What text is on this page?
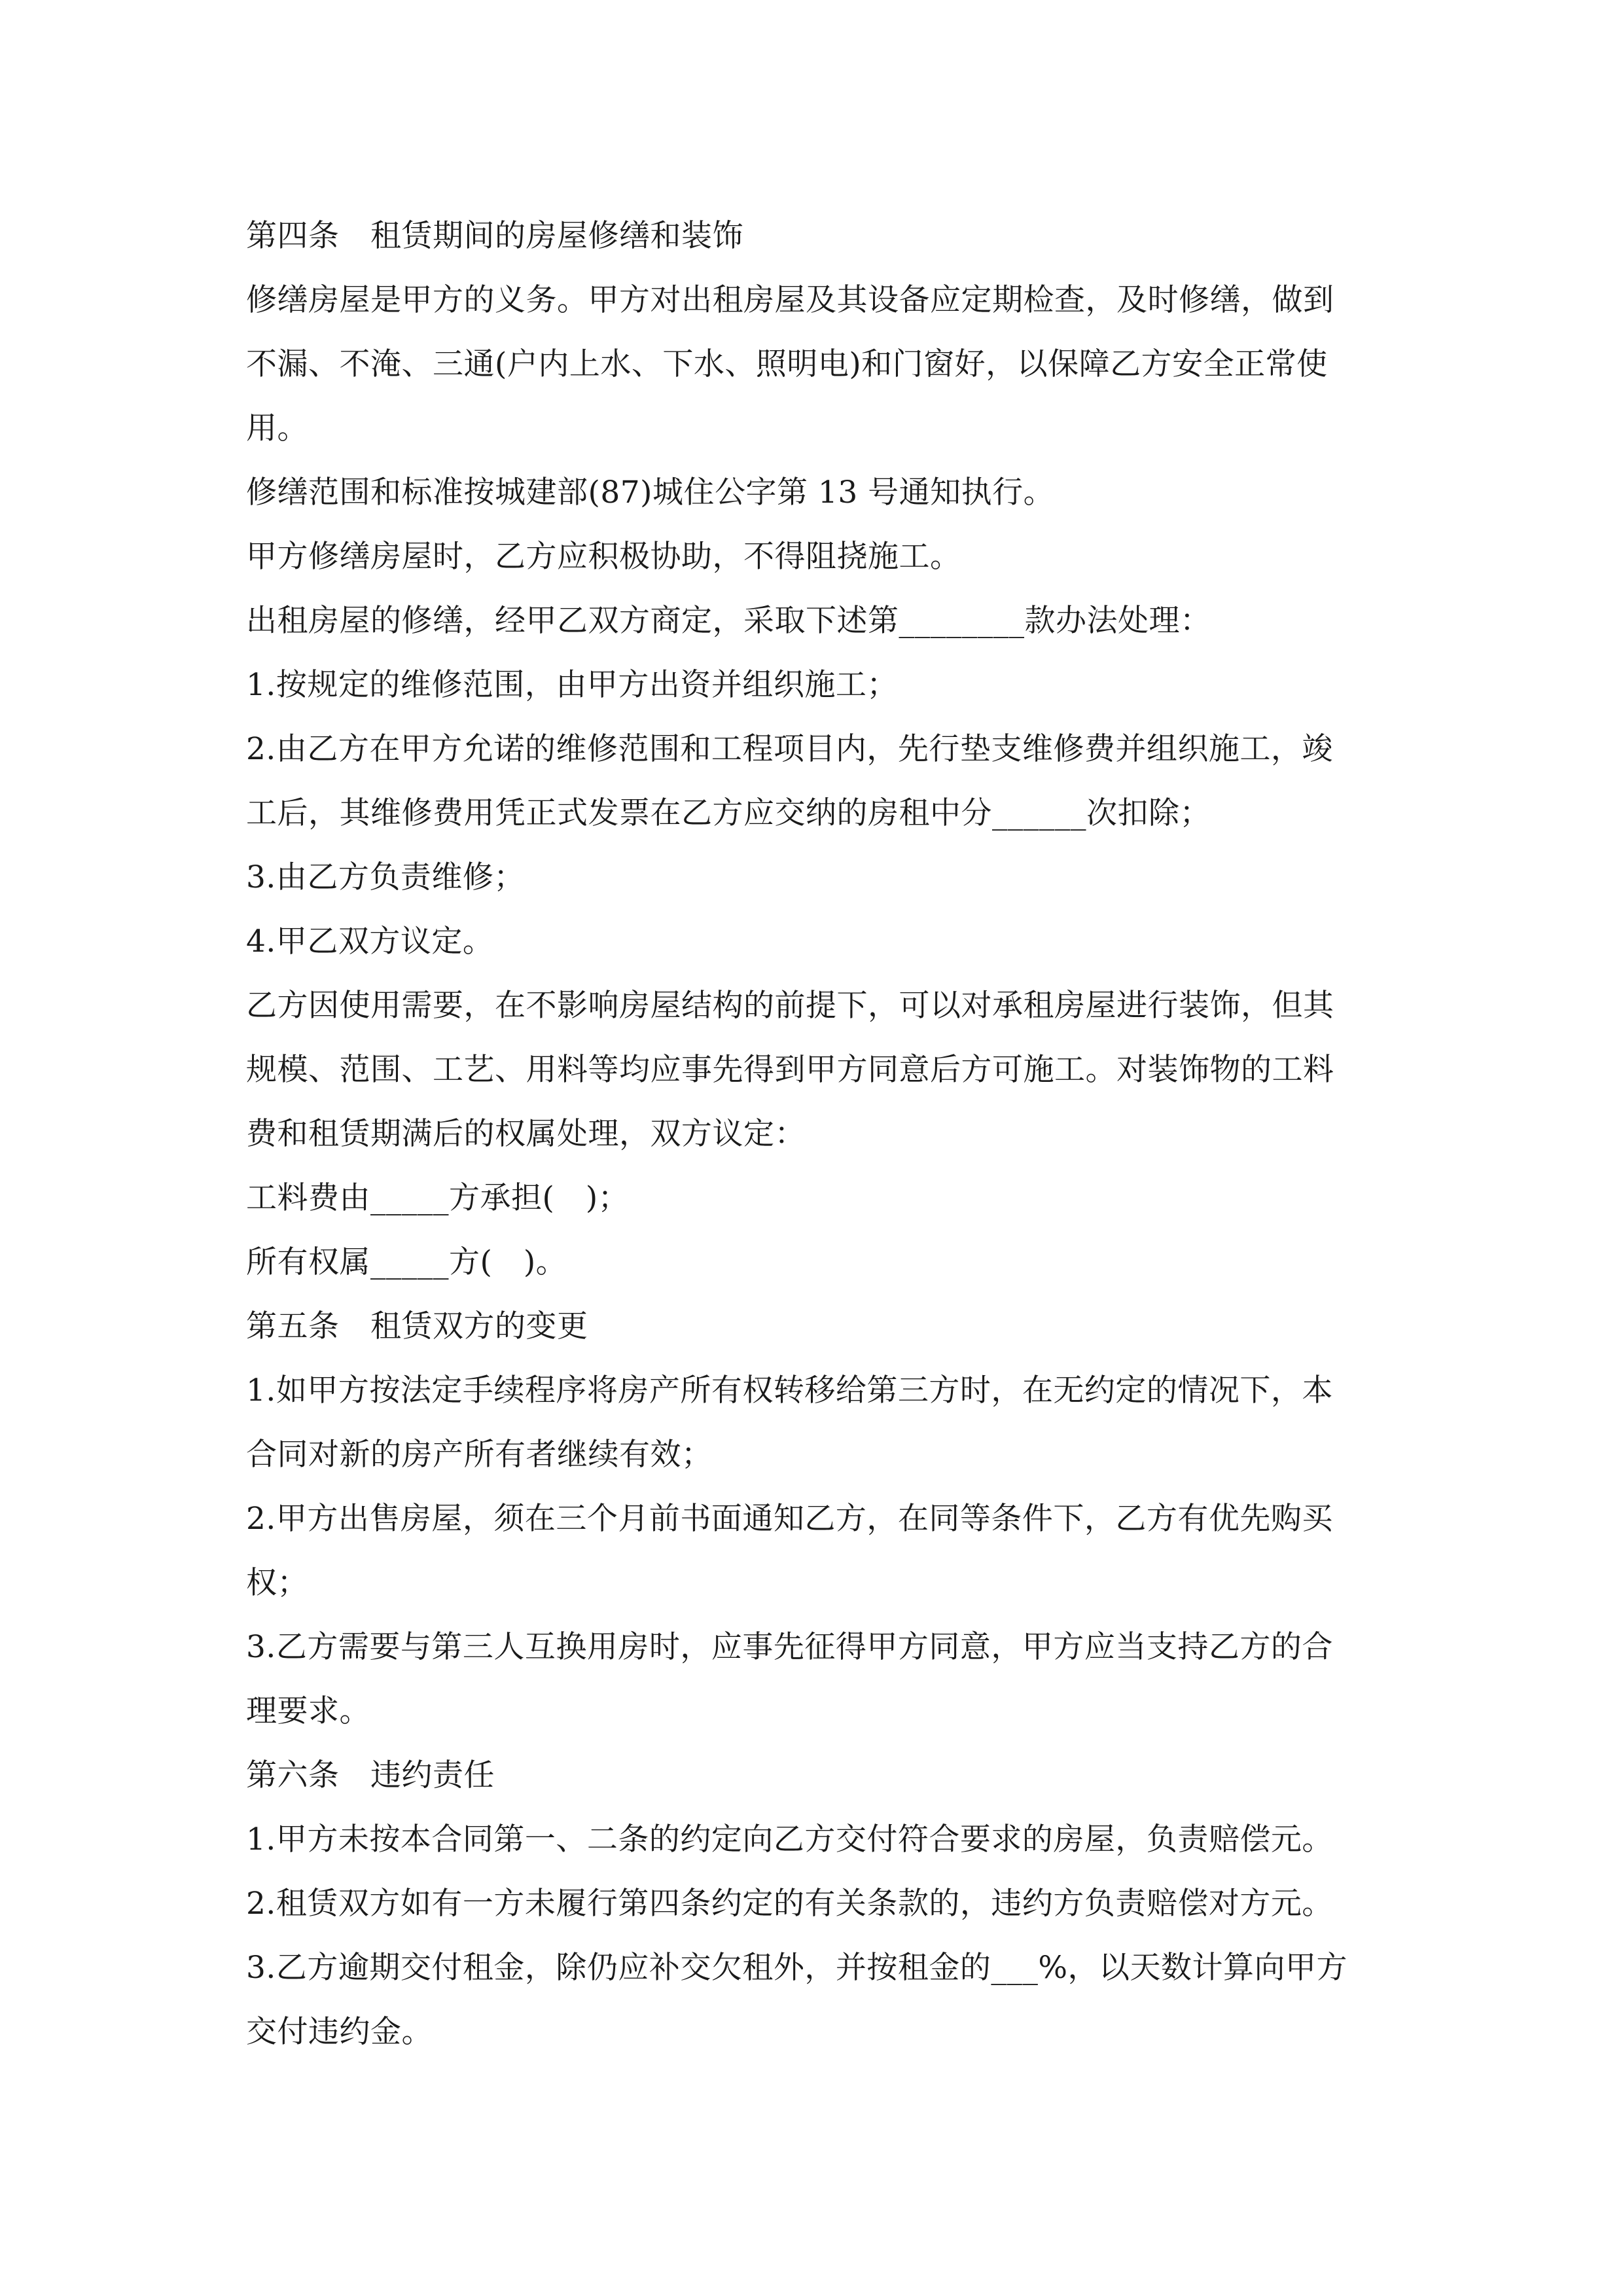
第四条　租赁期间的房屋修缮和装饰
修缮房屋是甲方的义务。甲方对出租房屋及其设备应定期检查，及时修缮，做到
不漏、不淹、三通(户内上水、下水、照明电)和门窗好，以保障乙方安全正常使
用。
修缮范围和标准按城建部(87)城住公字第 13 号通知执行。
甲方修缮房屋时，乙方应积极协助，不得阻挠施工。
出租房屋的修缮，经甲乙双方商定，采取下述第________款办法处理：
1.按规定的维修范围，由甲方出资并组织施工；
2.由乙方在甲方允诺的维修范围和工程项目内，先行垫支维修费并组织施工，竣
工后，其维修费用凭正式发票在乙方应交纳的房租中分______次扣除；
3.由乙方负责维修；
4.甲乙双方议定。
乙方因使用需要，在不影响房屋结构的前提下，可以对承租房屋进行装饰，但其
规模、范围、工艺、用料等均应事先得到甲方同意后方可施工。对装饰物的工料
费和租赁期满后的权属处理，双方议定：
工料费由_____方承担(　)；
所有权属_____方(　)。
第五条　租赁双方的变更
1.如甲方按法定手续程序将房产所有权转移给第三方时，在无约定的情况下，本
合同对新的房产所有者继续有效；
2.甲方出售房屋，须在三个月前书面通知乙方，在同等条件下，乙方有优先购买
权；
3.乙方需要与第三人互换用房时，应事先征得甲方同意，甲方应当支持乙方的合
理要求。
第六条　违约责任
1.甲方未按本合同第一、二条的约定向乙方交付符合要求的房屋，负责赔偿元。
2.租赁双方如有一方未履行第四条约定的有关条款的，违约方负责赔偿对方元。
3.乙方逾期交付租金，除仍应补交欠租外，并按租金的___%，以天数计算向甲方
交付违约金。
